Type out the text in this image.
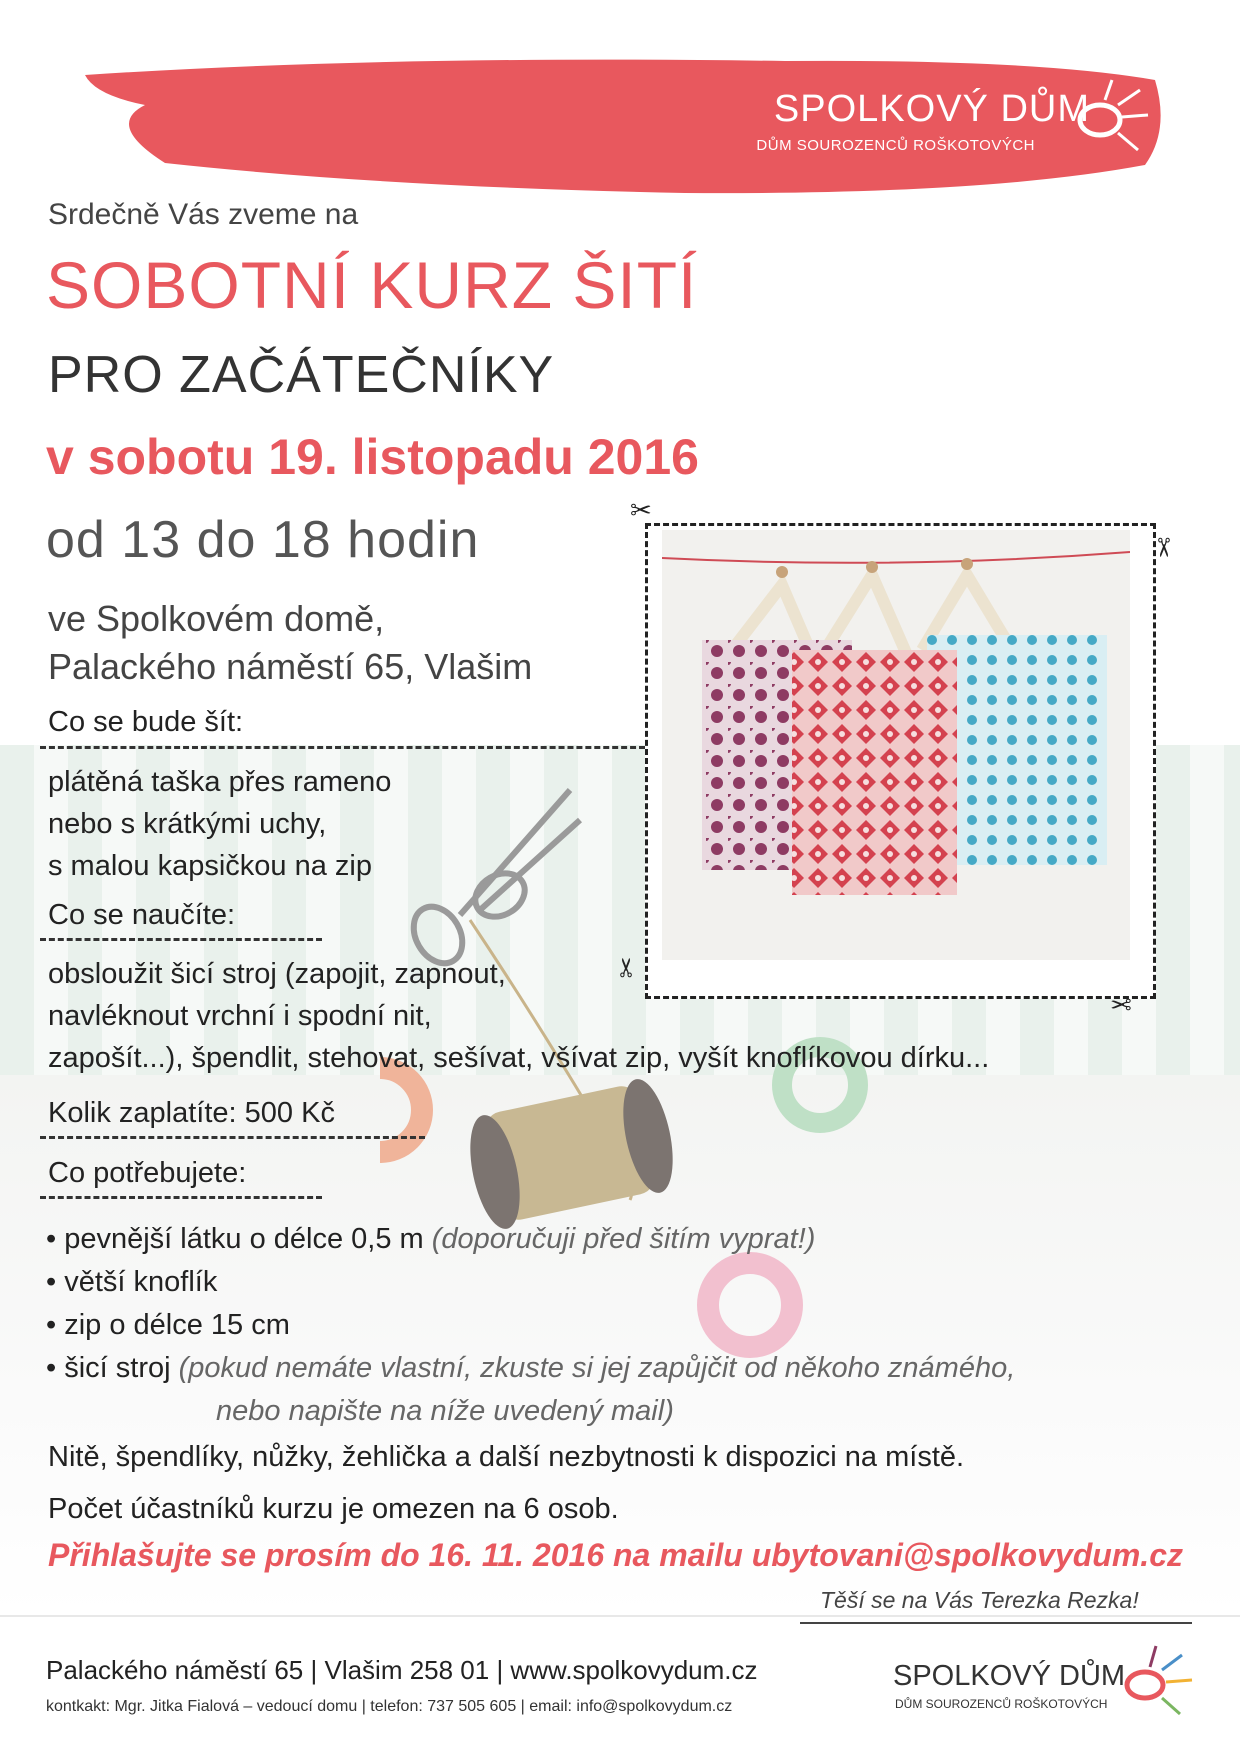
SPOLKOVÝ DŮM
DŮM SOUROZENCŮ ROŠKOTOVÝCH
Srdečně Vás zveme na
SOBOTNÍ KURZ ŠITÍ
PRO ZAČÁTEČNÍKY
v sobotu 19. listopadu 2016
od 13 do 18 hodin
ve Spolkovém domě,
Palackého náměstí 65, Vlašim
✂
✂
✂
✂
Co se bude šít:
plátěná taška přes rameno
nebo s krátkými uchy,
s malou kapsičkou na zip
Co se naučíte:
obsloužit šicí stroj (zapojit, zapnout,
navléknout vrchní i spodní nit,
zapošít...), špendlit, stehovat, sešívat, všívat zip, vyšít knoflíkovou dírku...
Kolik zaplatíte: 500 Kč
Co potřebujete:
• pevnější látku o délce 0,5 m (doporučuji před šitím vyprat!)
• větší knoflík
• zip o délce 15 cm
• šicí stroj (pokud nemáte vlastní, zkuste si jej zapůjčit od někoho známého,
nebo napište na níže uvedený mail)
Nitě, špendlíky, nůžky, žehlička a další nezbytnosti k dispozici na místě.
Počet účastníků kurzu je omezen na 6 osob.
Přihlašujte se prosím do 16. 11. 2016 na mailu ubytovani@spolkovydum.cz
Těší se na Vás Terezka Rezka!
Palackého náměstí 65 | Vlašim 258 01 | www.spolkovydum.cz
kontkakt: Mgr. Jitka Fialová – vedoucí domu | telefon: 737 505 605 | email: info@spolkovydum.cz
SPOLKOVÝ DŮM
DŮM SOUROZENCŮ ROŠKOTOVÝCH
